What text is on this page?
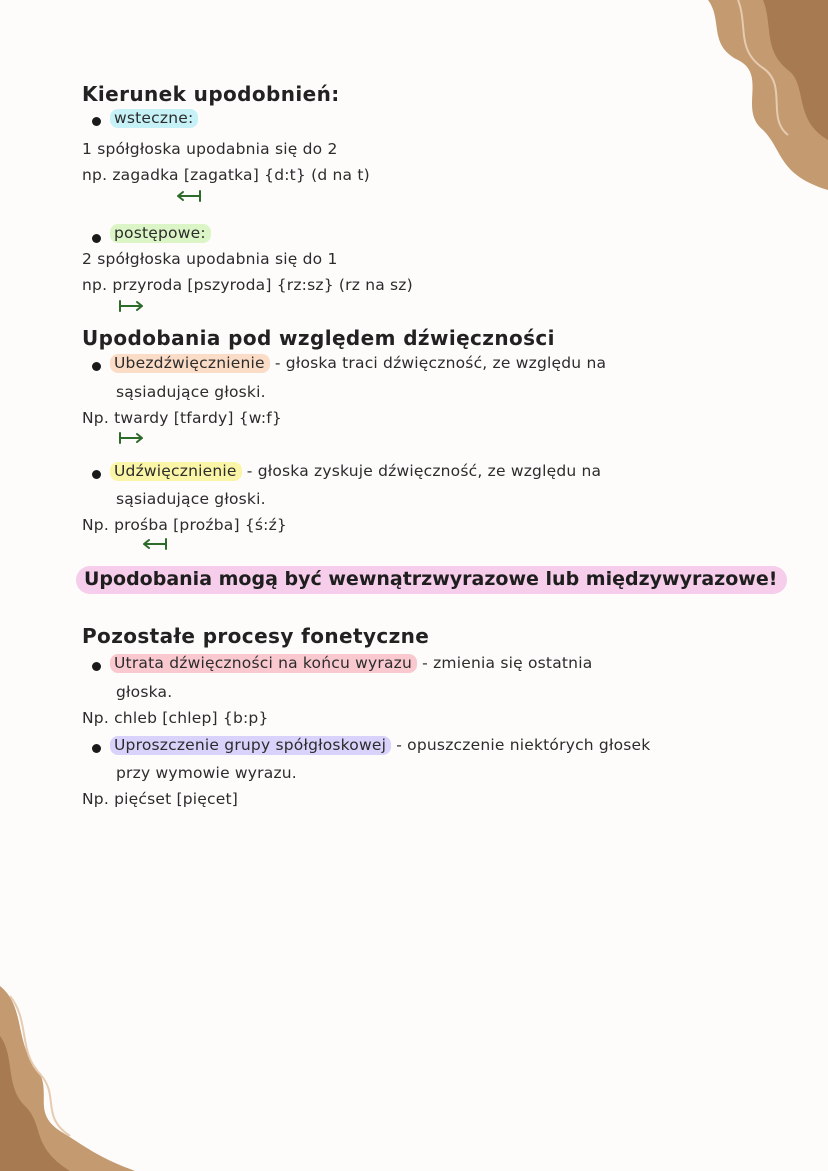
Kierunek upodobnień:
wsteczne:
1 spółgłoska upodabnia się do 2
np. zagadka [zagatka] {d:t} (d na t)
postępowe:
2 spółgłoska upodabnia się do 1
np. przyroda [pszyroda] {rz:sz} (rz na sz)
Upodobania pod względem dźwięczności
Ubezdźwięcznienie - głoska traci dźwięczność, ze względu na
sąsiadujące głoski.
Np. twardy [tfardy] {w:f}
Udźwięcznienie - głoska zyskuje dźwięczność, ze względu na
sąsiadujące głoski.
Np. prośba [proźba] {ś:ź}
Upodobania mogą być wewnątrzwyrazowe lub międzywyrazowe!
Pozostałe procesy fonetyczne
Utrata dźwięczności na końcu wyrazu - zmienia się ostatnia
głoska.
Np. chleb [chlep] {b:p}
Uproszczenie grupy spółgłoskowej - opuszczenie niektórych głosek
przy wymowie wyrazu.
Np. pięćset [pięcet]
